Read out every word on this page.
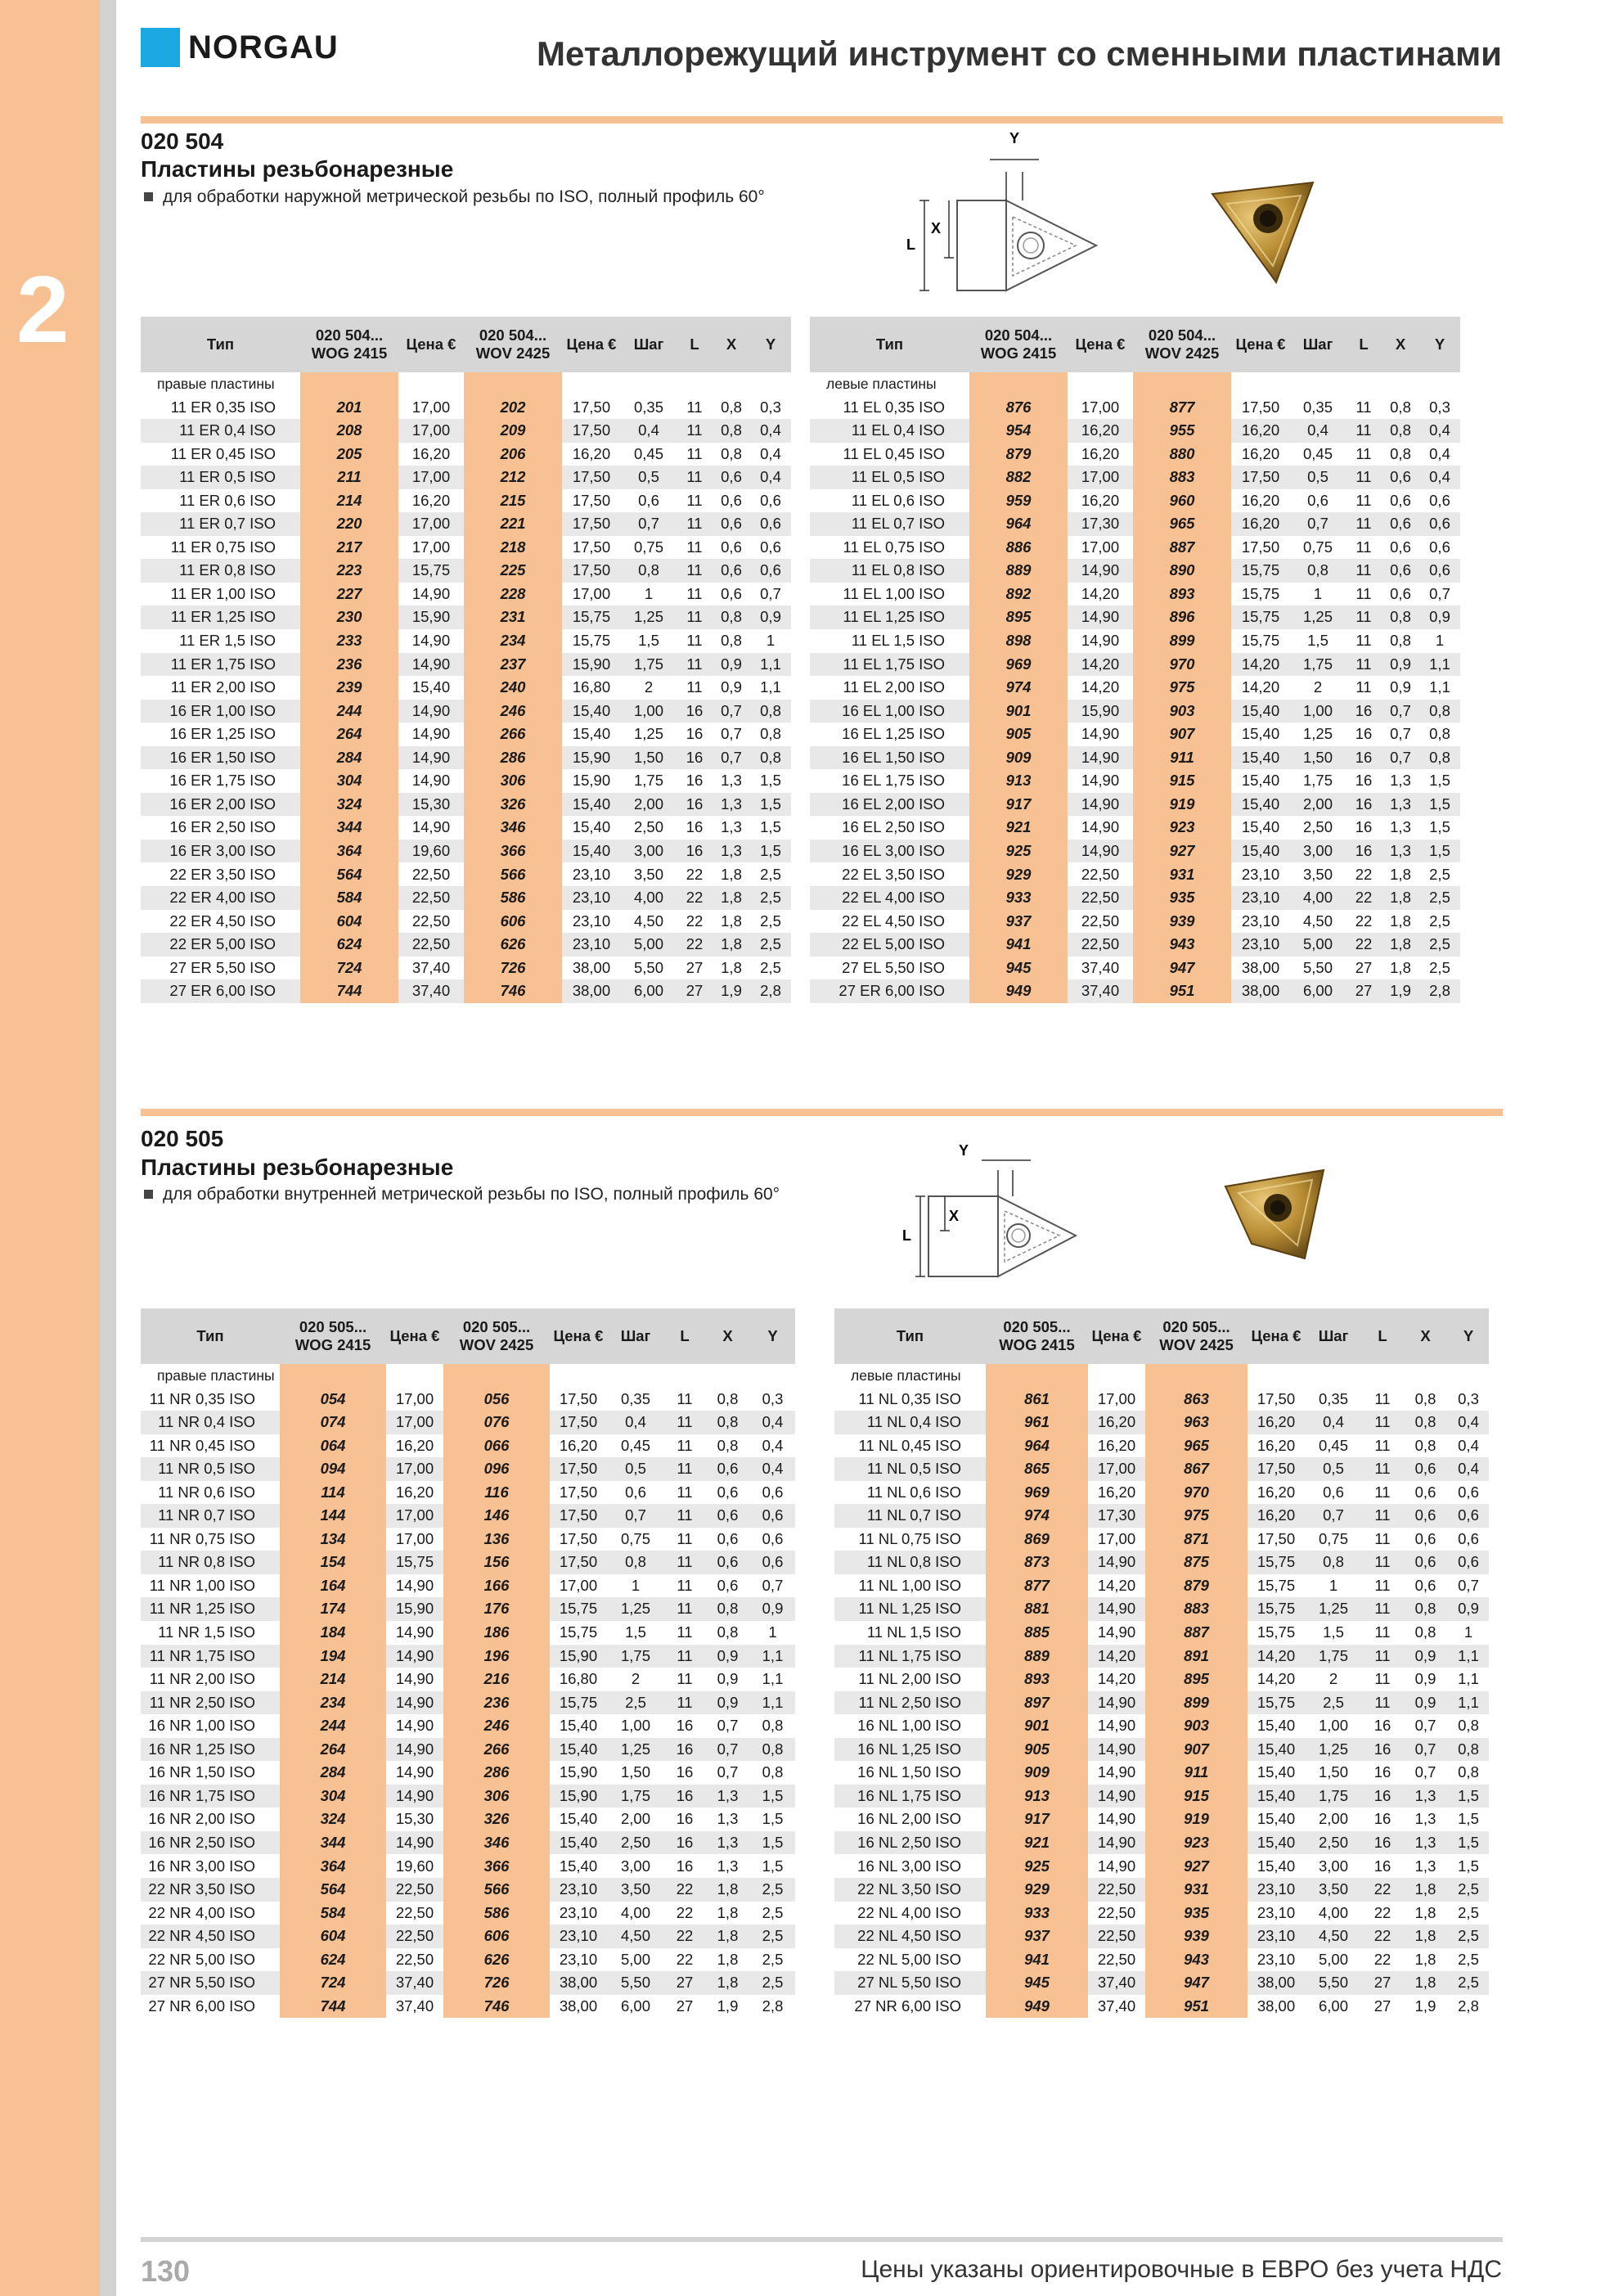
2
NORGAU	Металлорежущий инструмент со сменными пластинами
020 504
Пластины резьбонарезные
для обработки наружной метрической резьбы по ISO, полный профиль 60°
Y
X
L
Тип	020 504... WOG 2415	Цена €	020 504... WOV 2425	Цена €	Шаг	L	X	Y
правые пластины								
11 ER 0,35 ISO	201	17,00	202	17,50	0,35	11	0,8	0,3
11 ER 0,4 ISO	208	17,00	209	17,50	0,4	11	0,8	0,4
11 ER 0,45 ISO	205	16,20	206	16,20	0,45	11	0,8	0,4
11 ER 0,5 ISO	211	17,00	212	17,50	0,5	11	0,6	0,4
11 ER 0,6 ISO	214	16,20	215	17,50	0,6	11	0,6	0,6
11 ER 0,7 ISO	220	17,00	221	17,50	0,7	11	0,6	0,6
11 ER 0,75 ISO	217	17,00	218	17,50	0,75	11	0,6	0,6
11 ER 0,8 ISO	223	15,75	225	17,50	0,8	11	0,6	0,6
11 ER 1,00 ISO	227	14,90	228	17,00	1	11	0,6	0,7
11 ER 1,25 ISO	230	15,90	231	15,75	1,25	11	0,8	0,9
11 ER 1,5 ISO	233	14,90	234	15,75	1,5	11	0,8	1
11 ER 1,75 ISO	236	14,90	237	15,90	1,75	11	0,9	1,1
11 ER 2,00 ISO	239	15,40	240	16,80	2	11	0,9	1,1
16 ER 1,00 ISO	244	14,90	246	15,40	1,00	16	0,7	0,8
16 ER 1,25 ISO	264	14,90	266	15,40	1,25	16	0,7	0,8
16 ER 1,50 ISO	284	14,90	286	15,90	1,50	16	0,7	0,8
16 ER 1,75 ISO	304	14,90	306	15,90	1,75	16	1,3	1,5
16 ER 2,00 ISO	324	15,30	326	15,40	2,00	16	1,3	1,5
16 ER 2,50 ISO	344	14,90	346	15,40	2,50	16	1,3	1,5
16 ER 3,00 ISO	364	19,60	366	15,40	3,00	16	1,3	1,5
22 ER 3,50 ISO	564	22,50	566	23,10	3,50	22	1,8	2,5
22 ER 4,00 ISO	584	22,50	586	23,10	4,00	22	1,8	2,5
22 ER 4,50 ISO	604	22,50	606	23,10	4,50	22	1,8	2,5
22 ER 5,00 ISO	624	22,50	626	23,10	5,00	22	1,8	2,5
27 ER 5,50 ISO	724	37,40	726	38,00	5,50	27	1,8	2,5
27 ER 6,00 ISO	744	37,40	746	38,00	6,00	27	1,9	2,8
Тип	020 504... WOG 2415	Цена €	020 504... WOV 2425	Цена €	Шаг	L	X	Y
левые пластины								
11 EL 0,35 ISO	876	17,00	877	17,50	0,35	11	0,8	0,3
11 EL 0,4 ISO	954	16,20	955	16,20	0,4	11	0,8	0,4
11 EL 0,45 ISO	879	16,20	880	16,20	0,45	11	0,8	0,4
11 EL 0,5 ISO	882	17,00	883	17,50	0,5	11	0,6	0,4
11 EL 0,6 ISO	959	16,20	960	16,20	0,6	11	0,6	0,6
11 EL 0,7 ISO	964	17,30	965	16,20	0,7	11	0,6	0,6
11 EL 0,75 ISO	886	17,00	887	17,50	0,75	11	0,6	0,6
11 EL 0,8 ISO	889	14,90	890	15,75	0,8	11	0,6	0,6
11 EL 1,00 ISO	892	14,20	893	15,75	1	11	0,6	0,7
11 EL 1,25 ISO	895	14,90	896	15,75	1,25	11	0,8	0,9
11 EL 1,5 ISO	898	14,90	899	15,75	1,5	11	0,8	1
11 EL 1,75 ISO	969	14,20	970	14,20	1,75	11	0,9	1,1
11 EL 2,00 ISO	974	14,20	975	14,20	2	11	0,9	1,1
16 EL 1,00 ISO	901	15,90	903	15,40	1,00	16	0,7	0,8
16 EL 1,25 ISO	905	14,90	907	15,40	1,25	16	0,7	0,8
16 EL 1,50 ISO	909	14,90	911	15,40	1,50	16	0,7	0,8
16 EL 1,75 ISO	913	14,90	915	15,40	1,75	16	1,3	1,5
16 EL 2,00 ISO	917	14,90	919	15,40	2,00	16	1,3	1,5
16 EL 2,50 ISO	921	14,90	923	15,40	2,50	16	1,3	1,5
16 EL 3,00 ISO	925	14,90	927	15,40	3,00	16	1,3	1,5
22 EL 3,50 ISO	929	22,50	931	23,10	3,50	22	1,8	2,5
22 EL 4,00 ISO	933	22,50	935	23,10	4,00	22	1,8	2,5
22 EL 4,50 ISO	937	22,50	939	23,10	4,50	22	1,8	2,5
22 EL 5,00 ISO	941	22,50	943	23,10	5,00	22	1,8	2,5
27 EL 5,50 ISO	945	37,40	947	38,00	5,50	27	1,8	2,5
27 ER 6,00 ISO	949	37,40	951	38,00	6,00	27	1,9	2,8
020 505
Пластины резьбонарезные
для обработки внутренней метрической резьбы по ISO, полный профиль 60°
Y
X
L
Тип	020 505... WOG 2415	Цена €	020 505... WOV 2425	Цена €	Шаг	L	X	Y
правые пластины								
11 NR 0,35 ISO	054	17,00	056	17,50	0,35	11	0,8	0,3
11 NR 0,4 ISO	074	17,00	076	17,50	0,4	11	0,8	0,4
11 NR 0,45 ISO	064	16,20	066	16,20	0,45	11	0,8	0,4
11 NR 0,5 ISO	094	17,00	096	17,50	0,5	11	0,6	0,4
11 NR 0,6 ISO	114	16,20	116	17,50	0,6	11	0,6	0,6
11 NR 0,7 ISO	144	17,00	146	17,50	0,7	11	0,6	0,6
11 NR 0,75 ISO	134	17,00	136	17,50	0,75	11	0,6	0,6
11 NR 0,8 ISO	154	15,75	156	17,50	0,8	11	0,6	0,6
11 NR 1,00 ISO	164	14,90	166	17,00	1	11	0,6	0,7
11 NR 1,25 ISO	174	15,90	176	15,75	1,25	11	0,8	0,9
11 NR 1,5 ISO	184	14,90	186	15,75	1,5	11	0,8	1
11 NR 1,75 ISO	194	14,90	196	15,90	1,75	11	0,9	1,1
11 NR 2,00 ISO	214	14,90	216	16,80	2	11	0,9	1,1
11 NR 2,50 ISO	234	14,90	236	15,75	2,5	11	0,9	1,1
16 NR 1,00 ISO	244	14,90	246	15,40	1,00	16	0,7	0,8
16 NR 1,25 ISO	264	14,90	266	15,40	1,25	16	0,7	0,8
16 NR 1,50 ISO	284	14,90	286	15,90	1,50	16	0,7	0,8
16 NR 1,75 ISO	304	14,90	306	15,90	1,75	16	1,3	1,5
16 NR 2,00 ISO	324	15,30	326	15,40	2,00	16	1,3	1,5
16 NR 2,50 ISO	344	14,90	346	15,40	2,50	16	1,3	1,5
16 NR 3,00 ISO	364	19,60	366	15,40	3,00	16	1,3	1,5
22 NR 3,50 ISO	564	22,50	566	23,10	3,50	22	1,8	2,5
22 NR 4,00 ISO	584	22,50	586	23,10	4,00	22	1,8	2,5
22 NR 4,50 ISO	604	22,50	606	23,10	4,50	22	1,8	2,5
22 NR 5,00 ISO	624	22,50	626	23,10	5,00	22	1,8	2,5
27 NR 5,50 ISO	724	37,40	726	38,00	5,50	27	1,8	2,5
27 NR 6,00 ISO	744	37,40	746	38,00	6,00	27	1,9	2,8
Тип	020 505... WOG 2415	Цена €	020 505... WOV 2425	Цена €	Шаг	L	X	Y
левые пластины								
11 NL 0,35 ISO	861	17,00	863	17,50	0,35	11	0,8	0,3
11 NL 0,4 ISO	961	16,20	963	16,20	0,4	11	0,8	0,4
11 NL 0,45 ISO	964	16,20	965	16,20	0,45	11	0,8	0,4
11 NL 0,5 ISO	865	17,00	867	17,50	0,5	11	0,6	0,4
11 NL 0,6 ISO	969	16,20	970	16,20	0,6	11	0,6	0,6
11 NL 0,7 ISO	974	17,30	975	16,20	0,7	11	0,6	0,6
11 NL 0,75 ISO	869	17,00	871	17,50	0,75	11	0,6	0,6
11 NL 0,8 ISO	873	14,90	875	15,75	0,8	11	0,6	0,6
11 NL 1,00 ISO	877	14,20	879	15,75	1	11	0,6	0,7
11 NL 1,25 ISO	881	14,90	883	15,75	1,25	11	0,8	0,9
11 NL 1,5 ISO	885	14,90	887	15,75	1,5	11	0,8	1
11 NL 1,75 ISO	889	14,20	891	14,20	1,75	11	0,9	1,1
11 NL 2,00 ISO	893	14,20	895	14,20	2	11	0,9	1,1
11 NL 2,50 ISO	897	14,90	899	15,75	2,5	11	0,9	1,1
16 NL 1,00 ISO	901	14,90	903	15,40	1,00	16	0,7	0,8
16 NL 1,25 ISO	905	14,90	907	15,40	1,25	16	0,7	0,8
16 NL 1,50 ISO	909	14,90	911	15,40	1,50	16	0,7	0,8
16 NL 1,75 ISO	913	14,90	915	15,40	1,75	16	1,3	1,5
16 NL 2,00 ISO	917	14,90	919	15,40	2,00	16	1,3	1,5
16 NL 2,50 ISO	921	14,90	923	15,40	2,50	16	1,3	1,5
16 NL 3,00 ISO	925	14,90	927	15,40	3,00	16	1,3	1,5
22 NL 3,50 ISO	929	22,50	931	23,10	3,50	22	1,8	2,5
22 NL 4,00 ISO	933	22,50	935	23,10	4,00	22	1,8	2,5
22 NL 4,50 ISO	937	22,50	939	23,10	4,50	22	1,8	2,5
22 NL 5,00 ISO	941	22,50	943	23,10	5,00	22	1,8	2,5
27 NL 5,50 ISO	945	37,40	947	38,00	5,50	27	1,8	2,5
27 NR 6,00 ISO	949	37,40	951	38,00	6,00	27	1,9	2,8
130	Цены указаны ориентировочные в ЕВРО без учета НДС
